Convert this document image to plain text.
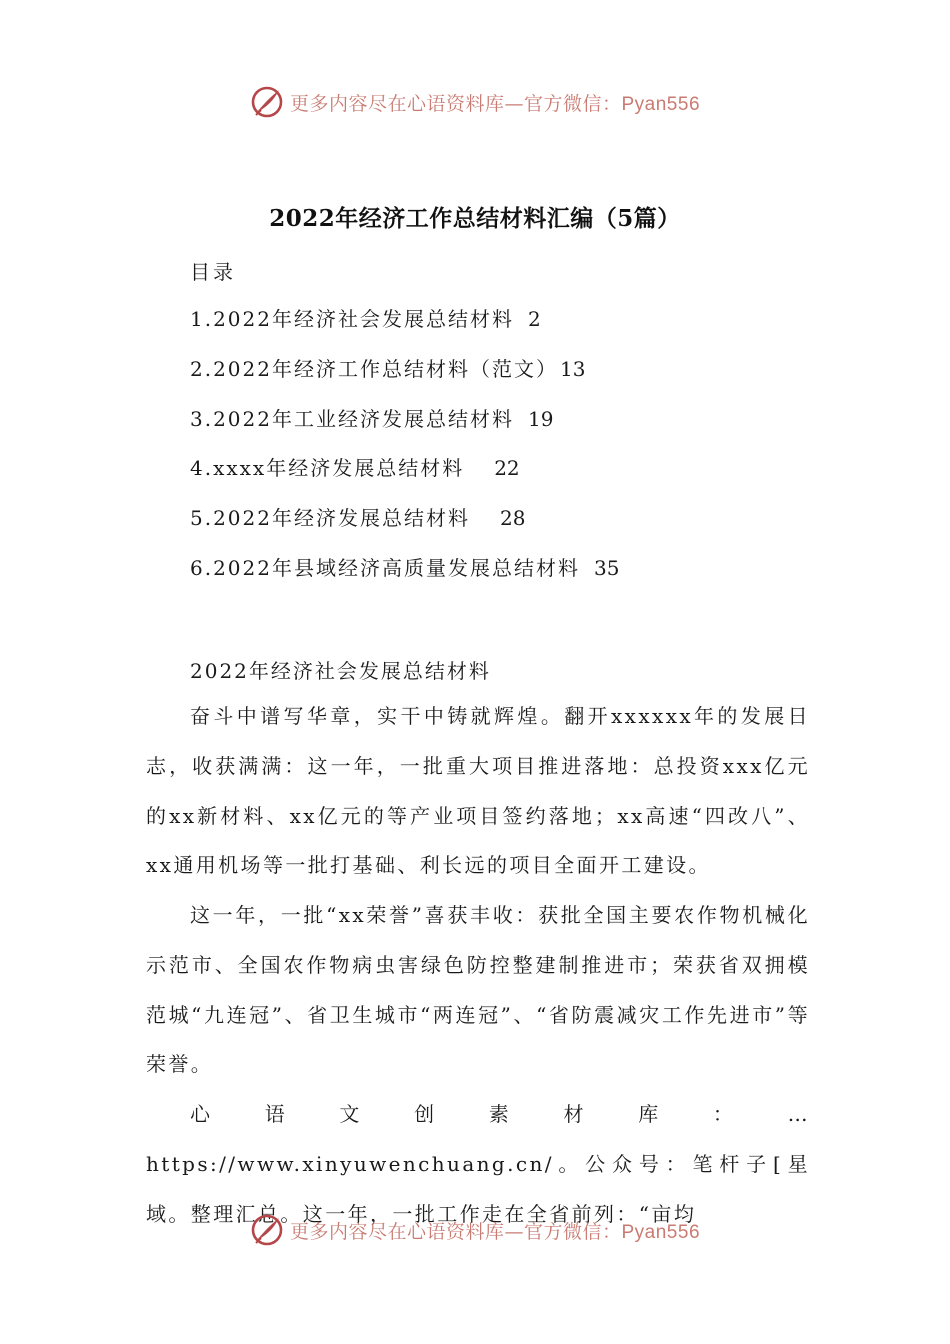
更多内容尽在心语资料库—官方微信：Pyan556
2022年经济工作总结材料汇编（5篇）
目录
1.2022年经济社会发展总结材料 2
2.2022年经济工作总结材料（范文） 13
3.2022年工业经济发展总结材料 19
4.xxxx年经济发展总结材料 22
5.2022年经济发展总结材料 28
6.2022年县域经济高质量发展总结材料 35
2022年经济社会发展总结材料

奋斗中谱写华章，实干中铸就辉煌。翻开xxxxxx年的发展日志，收获满满：这一年，一批重大项目推进落地：总投资xxx亿元的xx新材料、xx亿元的等产业项目签约落地；xx高速“四改八”、xx通用机场等一批打基础、利长远的项目全面开工建设。

这一年，一批“xx荣誉”喜获丰收：获批全国主要农作物机械化示范市、全国农作物病虫害绿色防控整建制推进市；荣获省双拥模范城“九连冠”、省卫生城市“两连冠”、“省防震减灾工作先进市”等荣誉。

心语文创素材库：…https://www.xinyuwenchuang.cn/。公众号：笔杆子[星域。整理汇总。这一年，一批工作走在全省前列：“亩均

更多内容尽在心语资料库—官方微信：Pyan556
